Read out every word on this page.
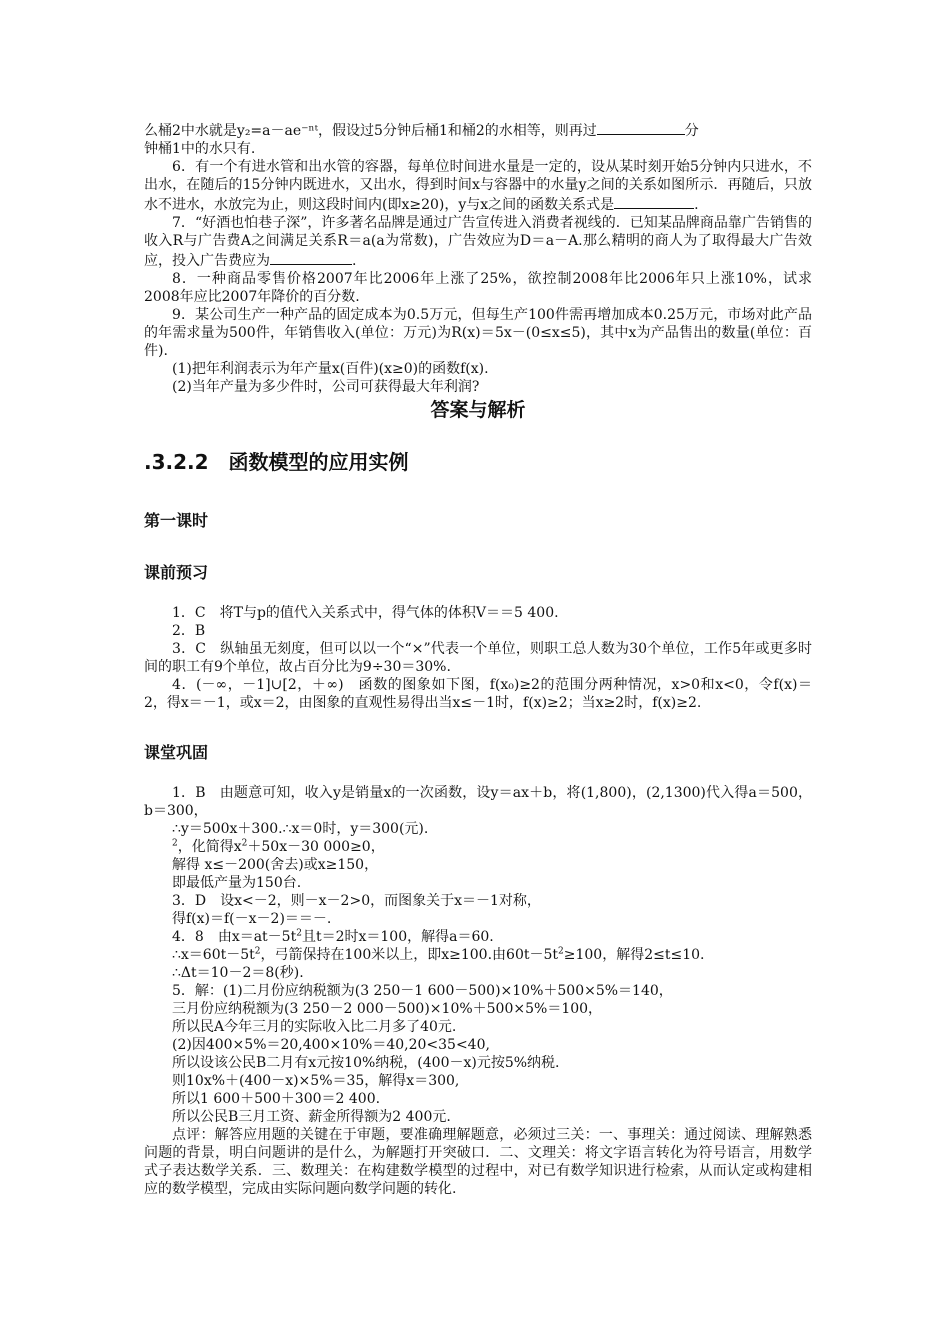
么桶2中水就是y₂=a－ae⁻ⁿᵗ，假设过5分钟后桶1和桶2的水相等，则再过	分

钟桶1中的水只有.

6．有一个有进水管和出水管的容器，每单位时间进水量是一定的，设从某时刻开始5分钟内只进水，不出水，在随后的15分钟内既进水，又出水，得到时间x与容器中的水量y之间的关系如图所示．再随后，只放水不进水，水放完为止，则这段时间内(即x≥20)，y与x之间的函数关系式是	.

7．“好酒也怕巷子深”，许多著名品牌是通过广告宣传进入消费者视线的．已知某品牌商品靠广告销售的收入R与广告费A之间满足关系R＝a(a为常数)，广告效应为D＝a－A.那么精明的商人为了取得最大广告效应，投入广告费应为	.

8．一种商品零售价格2007年比2006年上涨了25%，欲控制2008年比2006年只上涨10%，试求2008年应比2007年降价的百分数.

9．某公司生产一种产品的固定成本为0.5万元，但每生产100件需再增加成本0.25万元，市场对此产品的年需求量为500件，年销售收入(单位：万元)为R(x)＝5x－(0≤x≤5)，其中x为产品售出的数量(单位：百件).

(1)把年利润表示为年产量x(百件)(x≥0)的函数f(x).

(2)当年产量为多少件时，公司可获得最大年利润?

答案与解析

.3.2.2　函数模型的应用实例

第一课时

课前预习

1．C　将T与p的值代入关系式中，得气体的体积V＝＝5 400.

2．B

3．C　纵轴虽无刻度，但可以以一个“×”代表一个单位，则职工总人数为30个单位，工作5年或更多时间的职工有9个单位，故占百分比为9÷30＝30%.

4．(－∞，－1]∪[2，＋∞)　函数的图象如下图，f(x₀)≥2的范围分两种情况，x>0和x<0，令f(x)＝2，得x＝－1，或x＝2，由图象的直观性易得出当x≤－1时，f(x)≥2；当x≥2时，f(x)≥2.

课堂巩固

1．B　由题意可知，收入y是销量x的一次函数，设y＝ax＋b，将(1,800)，(2,1300)代入得a＝500，b＝300，

∴y＝500x＋300.∴x＝0时，y＝300(元).

$^2$，化简得$x^2+50x-30$ 000≥0，

解得 x≤－200(舍去)或x≥150，

即最低产量为150台.

3．D　设x<－2，则－x－2>0，而图象关于x＝－1对称，

得f(x)＝f(－x－2)＝＝－.

4．8　由$x=at-5t^2$且t＝2时x＝100，解得a＝60.

$\therefore x=60t-5t^2$，弓箭保持在100米以上，即x≥100.由$60t-5t^2\ge 100$，解得2≤t≤10.

∴Δt＝10－2＝8(秒).

5．解：(1)二月份应纳税额为(3 250－1 600－500)×10%＋500×5%＝140，

三月份应纳税额为(3 250－2 000－500)×10%＋500×5%＝100，

所以民A今年三月的实际收入比二月多了40元.

(2)因400×5%＝20,400×10%＝40,20<35<40,

所以设该公民B二月有x元按10%纳税，(400－x)元按5%纳税.

则10x%＋(400－x)×5%＝35，解得x＝300,

所以1 600＋500＋300＝2 400.

所以公民B三月工资、薪金所得额为2 400元.

点评：解答应用题的关键在于审题，要准确理解题意，必须过三关：一、事理关：通过阅读、理解熟悉问题的背景，明白问题讲的是什么，为解题打开突破口．二、文理关：将文字语言转化为符号语言，用数学式子表达数学关系．三、数理关：在构建数学模型的过程中，对已有数学知识进行检索，从而认定或构建相应的数学模型，完成由实际问题向数学问题的转化.
